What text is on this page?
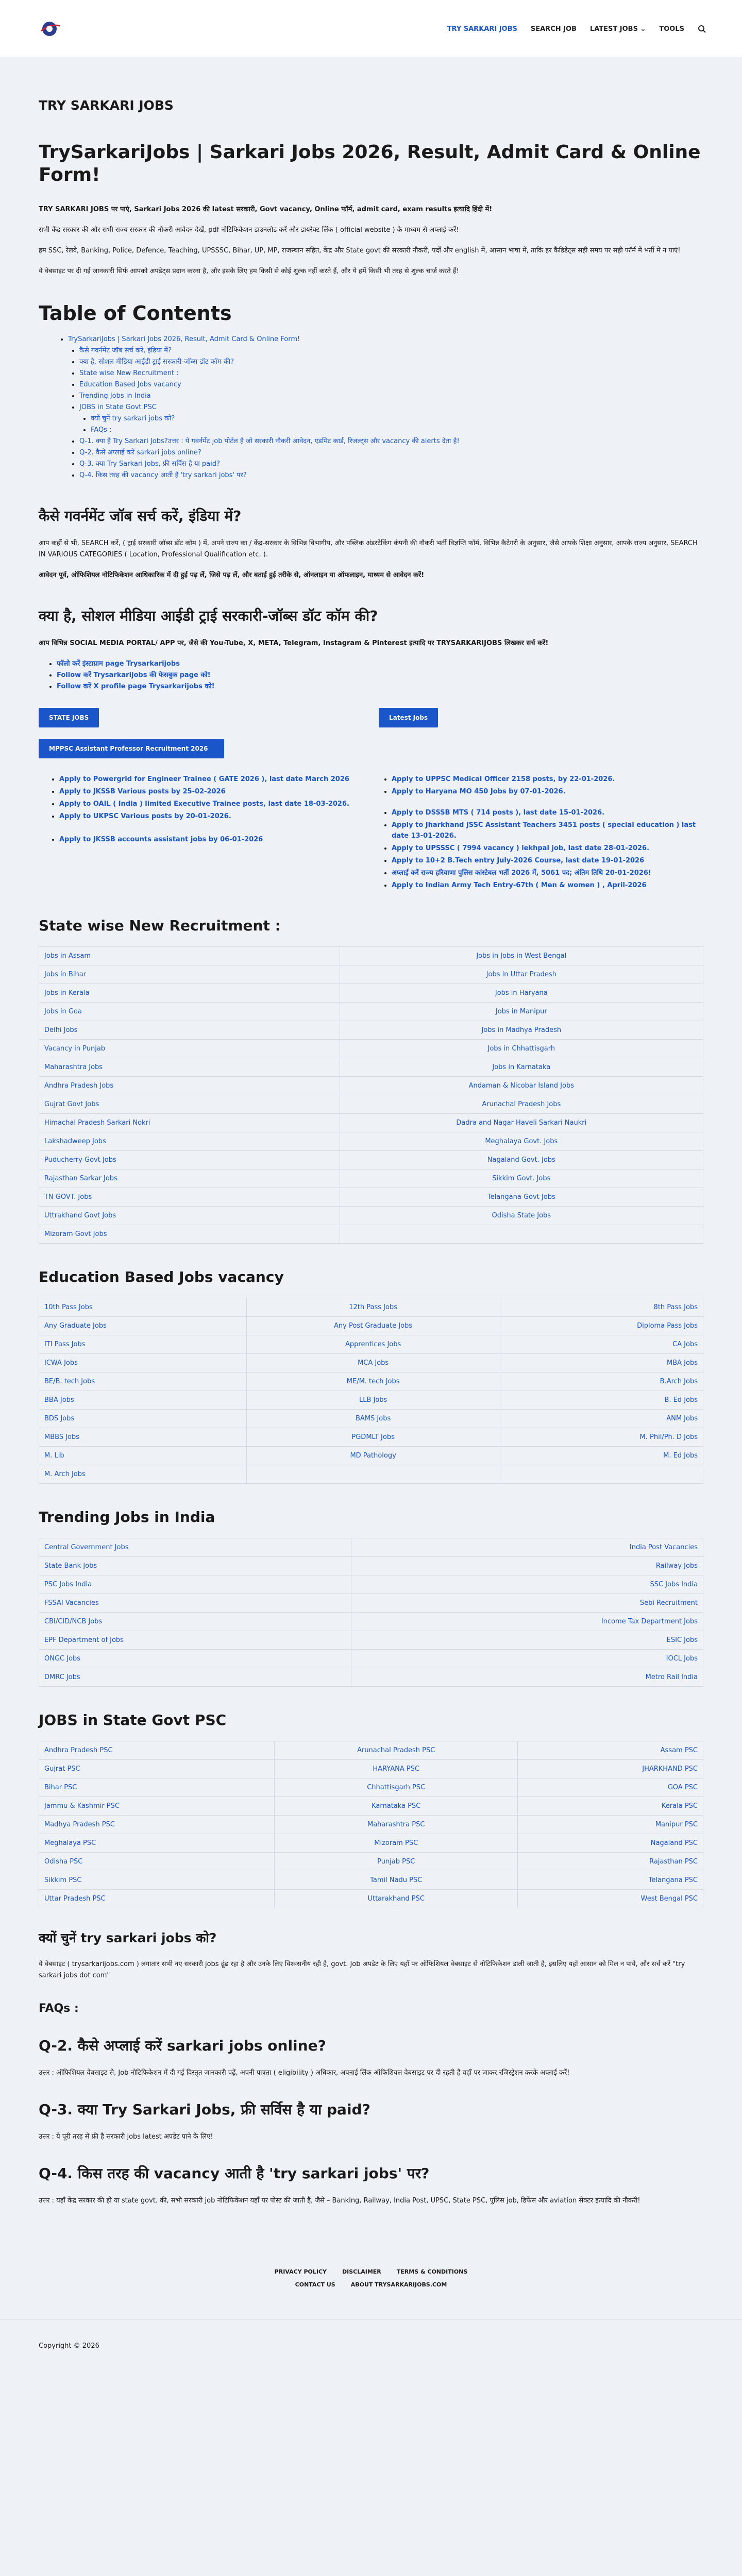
TRY SARKARI JOBS SEARCH JOB LATEST JOBS ⌄ TOOLS
TRY SARKARI JOBS
TrySarkariJobs | Sarkari Jobs 2026, Result, Admit Card & Online Form!

TRY SARKARI JOBS पर पाएं, Sarkari Jobs 2026 की latest सरकारी, Govt vacancy, Online फॉर्म, admit card, exam results इत्यादि हिंदी में!

सभी केंद्र सरकार की और सभी राज्य सरकार की नौकरी आवेदन देखें, pdf नोटिफिकेशन डाउनलोड करें और डायरेक्ट लिंक ( official website ) के माध्यम से अप्लाई करें!

हम SSC, रेलवे, Banking, Police, Defence, Teaching, UPSSSC, Bihar, UP, MP, राजस्थान सहित, केंद्र और State govt की सरकारी नौकरी, पर्दों और english में, आसान भाषा में, ताकि हर कैंडिडेट्स सही समय पर सही फॉर्म में भर्ती मे न पाएं!

ये वेबसाइट पर दी गई जानकारी सिर्फ आपको अपडेट्स प्रदान करना है, और इसके लिए हम किसी से कोई शुल्क नहीं करते हैं, और ये हमें किसी भी तरह से शुल्क चार्ज करते हैं!

Table of Contents
• TrySarkariJobs | Sarkari Jobs 2026, Result, Admit Card & Online Form!
• कैसे गवर्नमेंट जॉब सर्च करें, इंडिया में?
• क्या है, सोशल मीडिया आईडी ट्राई सरकारी-जॉब्स डॉट कॉम की?
• State wise New Recruitment :
• Education Based Jobs vacancy
• Trending Jobs in India
• JOBS in State Govt PSC
• क्यों चुनें try sarkari jobs को?
• FAQs :
• Q-1. क्या है Try Sarkari Jobs?उत्तर : ये गवर्नमेंट job पोर्टल है जो सरकारी नौकरी आवेदन, एडमिट कार्ड, रिजल्ट्स और vacancy की alerts देता है!
• Q-2. कैसे अप्लाई करें sarkari jobs online?
• Q-3. क्या Try Sarkari Jobs, फ्री सर्विस है या paid?
• Q-4. किस तरह की vacancy आती है 'try sarkari jobs' पर?
कैसे गवर्नमेंट जॉब सर्च करें, इंडिया में?

आप कहीं से भी, SEARCH करें, ( ट्राई सरकारी जॉब्स डॉट कॉम ) में, अपने राज्य का / केंद्र-सरकार के विभिन्न विभागीय, और पब्लिक अंडरटेकिंग कंपनी की नौकरी भर्ती विज्ञप्ति फॉर्म, विभिन्न कैटेगरी के अनुसार, जैसे आपके शिक्षा अनुसार, आपके राज्य अनुसार, SEARCH IN VARIOUS CATEGORIES ( Location, Professional Qualification etc. ).

आवेदन पूर्व, ऑफिशियल नोटिफिकेशन आधिकारिक में दी हुई पढ़ लें, जिसे पढ़ लें, और बताई हुई तरीके से, ऑनलाइन या ऑफलाइन, माध्यम से आवेदन करें!

क्या है, सोशल मीडिया आईडी ट्राई सरकारी-जॉब्स डॉट कॉम की?

आप विभिन्न SOCIAL MEDIA PORTAL/ APP पर, जैसे की You-Tube, X, META, Telegram, Instagram & Pinterest इत्यादि पर TRYSARKARIJOBS लिखकर सर्च करें!

• फॉलो करें इंस्टाग्राम page Trysarkarijobs
• Follow करें Trysarkarijobs की फेसबुक page को!
• Follow करें X profile page Trysarkarijobs को!
STATE JOBS	Latest Jobs
MPPSC Assistant Professor Recruitment 2026
• Apply to Powergrid for Engineer Trainee ( GATE 2026 ), last date March 2026
• Apply to JKSSB Various posts by 25-02-2026
• Apply to OAIL ( India ) limited Executive Trainee posts, last date 18-03-2026.
• Apply to UKPSC Various posts by 20-01-2026.
• Apply to JKSSB accounts assistant jobs by 06-01-2026
• Apply to UPPSC Medical Officer 2158 posts, by 22-01-2026.
• Apply to Haryana MO 450 Jobs by 07-01-2026.
• Apply to DSSSB MTS ( 714 posts ), last date 15-01-2026.
• Apply to Jharkhand JSSC Assistant Teachers 3451 posts ( special education ) last date 13-01-2026.
• Apply to UPSSSC ( 7994 vacancy ) lekhpal job, last date 28-01-2026.
• Apply to 10+2 B.Tech entry July-2026 Course, last date 19-01-2026
• अप्लाई करें राज्य हरियाणा पुलिस कांस्टेबल भर्ती 2026 में, 5061 पद; अंतिम तिथि 20-01-2026!
• Apply to Indian Army Tech Entry-67th ( Men & women ) , April-2026
State wise New Recruitment :
Jobs in Assam	Jobs in Jobs in West Bengal
Jobs in Bihar	Jobs in Uttar Pradesh
Jobs in Kerala	Jobs in Haryana
Jobs in Goa	Jobs in Manipur
Delhi Jobs	Jobs in Madhya Pradesh
Vacancy in Punjab	Jobs in Chhattisgarh
Maharashtra Jobs	Jobs in Karnataka
Andhra Pradesh Jobs	Andaman & Nicobar Island Jobs
Gujrat Govt Jobs	Arunachal Pradesh Jobs
Himachal Pradesh Sarkari Nokri	Dadra and Nagar Haveli Sarkari Naukri
Lakshadweep Jobs	Meghalaya Govt. Jobs
Puducherry Govt Jobs	Nagaland Govt. Jobs
Rajasthan Sarkar Jobs	Sikkim Govt. Jobs
TN GOVT. Jobs	Telangana Govt Jobs
Uttrakhand Govt Jobs	Odisha State Jobs
Mizoram Govt Jobs	
Education Based Jobs vacancy
10th Pass Jobs	12th Pass Jobs	8th Pass Jobs
Any Graduate Jobs	Any Post Graduate Jobs	Diploma Pass Jobs
ITI Pass Jobs	Apprentices Jobs	CA Jobs
ICWA Jobs	MCA Jobs	MBA Jobs
BE/B. tech Jobs	ME/M. tech Jobs	B.Arch Jobs
BBA Jobs	LLB Jobs	B. Ed Jobs
BDS Jobs	BAMS Jobs	ANM Jobs
MBBS Jobs	PGDMLT Jobs	M. Phil/Ph. D Jobs
M. Lib	MD Pathology	M. Ed Jobs
M. Arch Jobs		
Trending Jobs in India
Central Government Jobs	India Post Vacancies
State Bank Jobs	Railway Jobs
PSC Jobs India	SSC Jobs India
FSSAI Vacancies	Sebi Recruitment
CBI/CID/NCB Jobs	Income Tax Department Jobs
EPF Department of Jobs	ESIC Jobs
ONGC Jobs	IOCL Jobs
DMRC Jobs	Metro Rail India
JOBS in State Govt PSC
Andhra Pradesh PSC	Arunachal Pradesh PSC	Assam PSC
Gujrat PSC	HARYANA PSC	JHARKHAND PSC
Bihar PSC	Chhattisgarh PSC	GOA PSC
Jammu & Kashmir PSC	Karnataka PSC	Kerala PSC
Madhya Pradesh PSC	Maharashtra PSC	Manipur PSC
Meghalaya PSC	Mizoram PSC	Nagaland PSC
Odisha PSC	Punjab PSC	Rajasthan PSC
Sikkim PSC	Tamil Nadu PSC	Telangana PSC
Uttar Pradesh PSC	Uttarakhand PSC	West Bengal PSC
क्यों चुनें try sarkari jobs को?

ये वेबसाइट ( trysarkarijobs.com ) लगातार सभी नए सरकारी jobs ढूंढ रहा है और उनके लिए विश्वसनीय रही है, govt. Job अपडेट के लिए यहाँ पर ऑफिशियल वेबसाइट से नोटिफिकेशन डाली जाती है, इसलिए यहाँ आसान को मिल न पाये, और सर्च करें "try sarkari jobs dot com"

FAQs :
Q-2. कैसे अप्लाई करें sarkari jobs online?

उत्तर : ऑफिशियल वेबसाइट से, Job नोटिफिकेशन में दी गई विस्तृत जानकारी पढ़ें, अपनी पात्रता ( eligibility ) अधिकार, अपनाई लिंक ऑफिशियल वेबसाइट पर दी रहती हैं वहाँ पर जाकर रजिस्ट्रेशन करके अप्लाई करें!

Q-3. क्या Try Sarkari Jobs, फ्री सर्विस है या paid?

उत्तर : ये पूरी तरह से फ्री है सरकारी jobs latest अपडेट पाने के लिए!

Q-4. किस तरह की vacancy आती है 'try sarkari jobs' पर?

उत्तर : यहाँ केंद्र सरकार की हो या state govt. की, सभी सरकारी job नोटिफिकेशन यहाँ पर पोस्ट की जाती हैं, जैसे – Banking, Railway, India Post, UPSC, State PSC, पुलिस job, डिफेंस और aviation सेक्टर इत्यादि की नौकरी!

PRIVACY POLICY	DISCLAIMER	TERMS & CONDITIONS
CONTACT US	ABOUT TRYSARKARIJOBS.COM
Copyright © 2026
